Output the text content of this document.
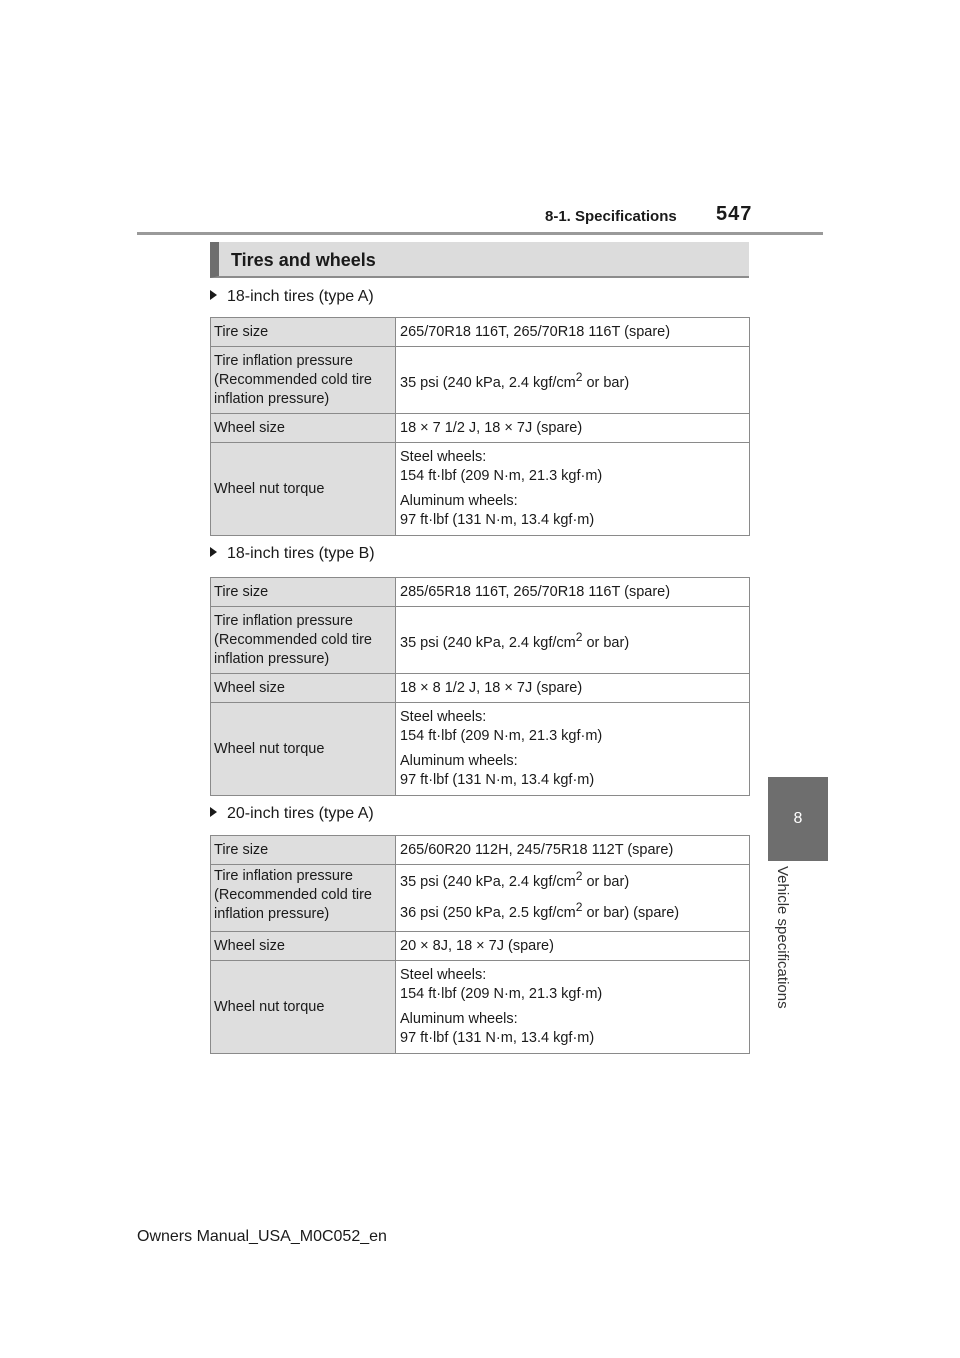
8-1. Specifications 547
8
Vehicle specifications
Tires and wheels
18-inch tires (type A)
Tire size	265/70R18 116T, 265/70R18 116T (spare)

Tire inflation pressure
(Recommended cold tire
inflation pressure)	35 psi (240 kPa, 2.4 kgf/$cm^2$ or bar)

Wheel size	18 × 7 1/2 J, 18 × 7J (spare)
Wheel nut torque	Steel wheels:
154 ft·lbf (209 N·m, 21.3 kgf·m)
Aluminum wheels:
97 ft·lbf (131 N·m, 13.4 kgf·m)
18-inch tires (type B)
Tire size	285/65R18 116T, 265/70R18 116T (spare)

Tire inflation pressure
(Recommended cold tire
inflation pressure)	35 psi (240 kPa, 2.4 kgf/$cm^2$ or bar)

Wheel size	18 × 8 1/2 J, 18 × 7J (spare)
Wheel nut torque	Steel wheels:
154 ft·lbf (209 N·m, 21.3 kgf·m)
Aluminum wheels:
97 ft·lbf (131 N·m, 13.4 kgf·m)
20-inch tires (type A)
Tire size	265/60R20 112H, 245/75R18 112T (spare)

Tire inflation pressure
(Recommended cold tire
inflation pressure)	35 psi (240 kPa, 2.4 kgf/$cm^2$ or bar)
36 psi (250 kPa, 2.5 kgf/$cm^2$ or bar) (spare)

Wheel size	20 × 8J, 18 × 7J (spare)
Wheel nut torque	Steel wheels:
154 ft·lbf (209 N·m, 21.3 kgf·m)
Aluminum wheels:
97 ft·lbf (131 N·m, 13.4 kgf·m)
Owners Manual_USA_M0C052_en
